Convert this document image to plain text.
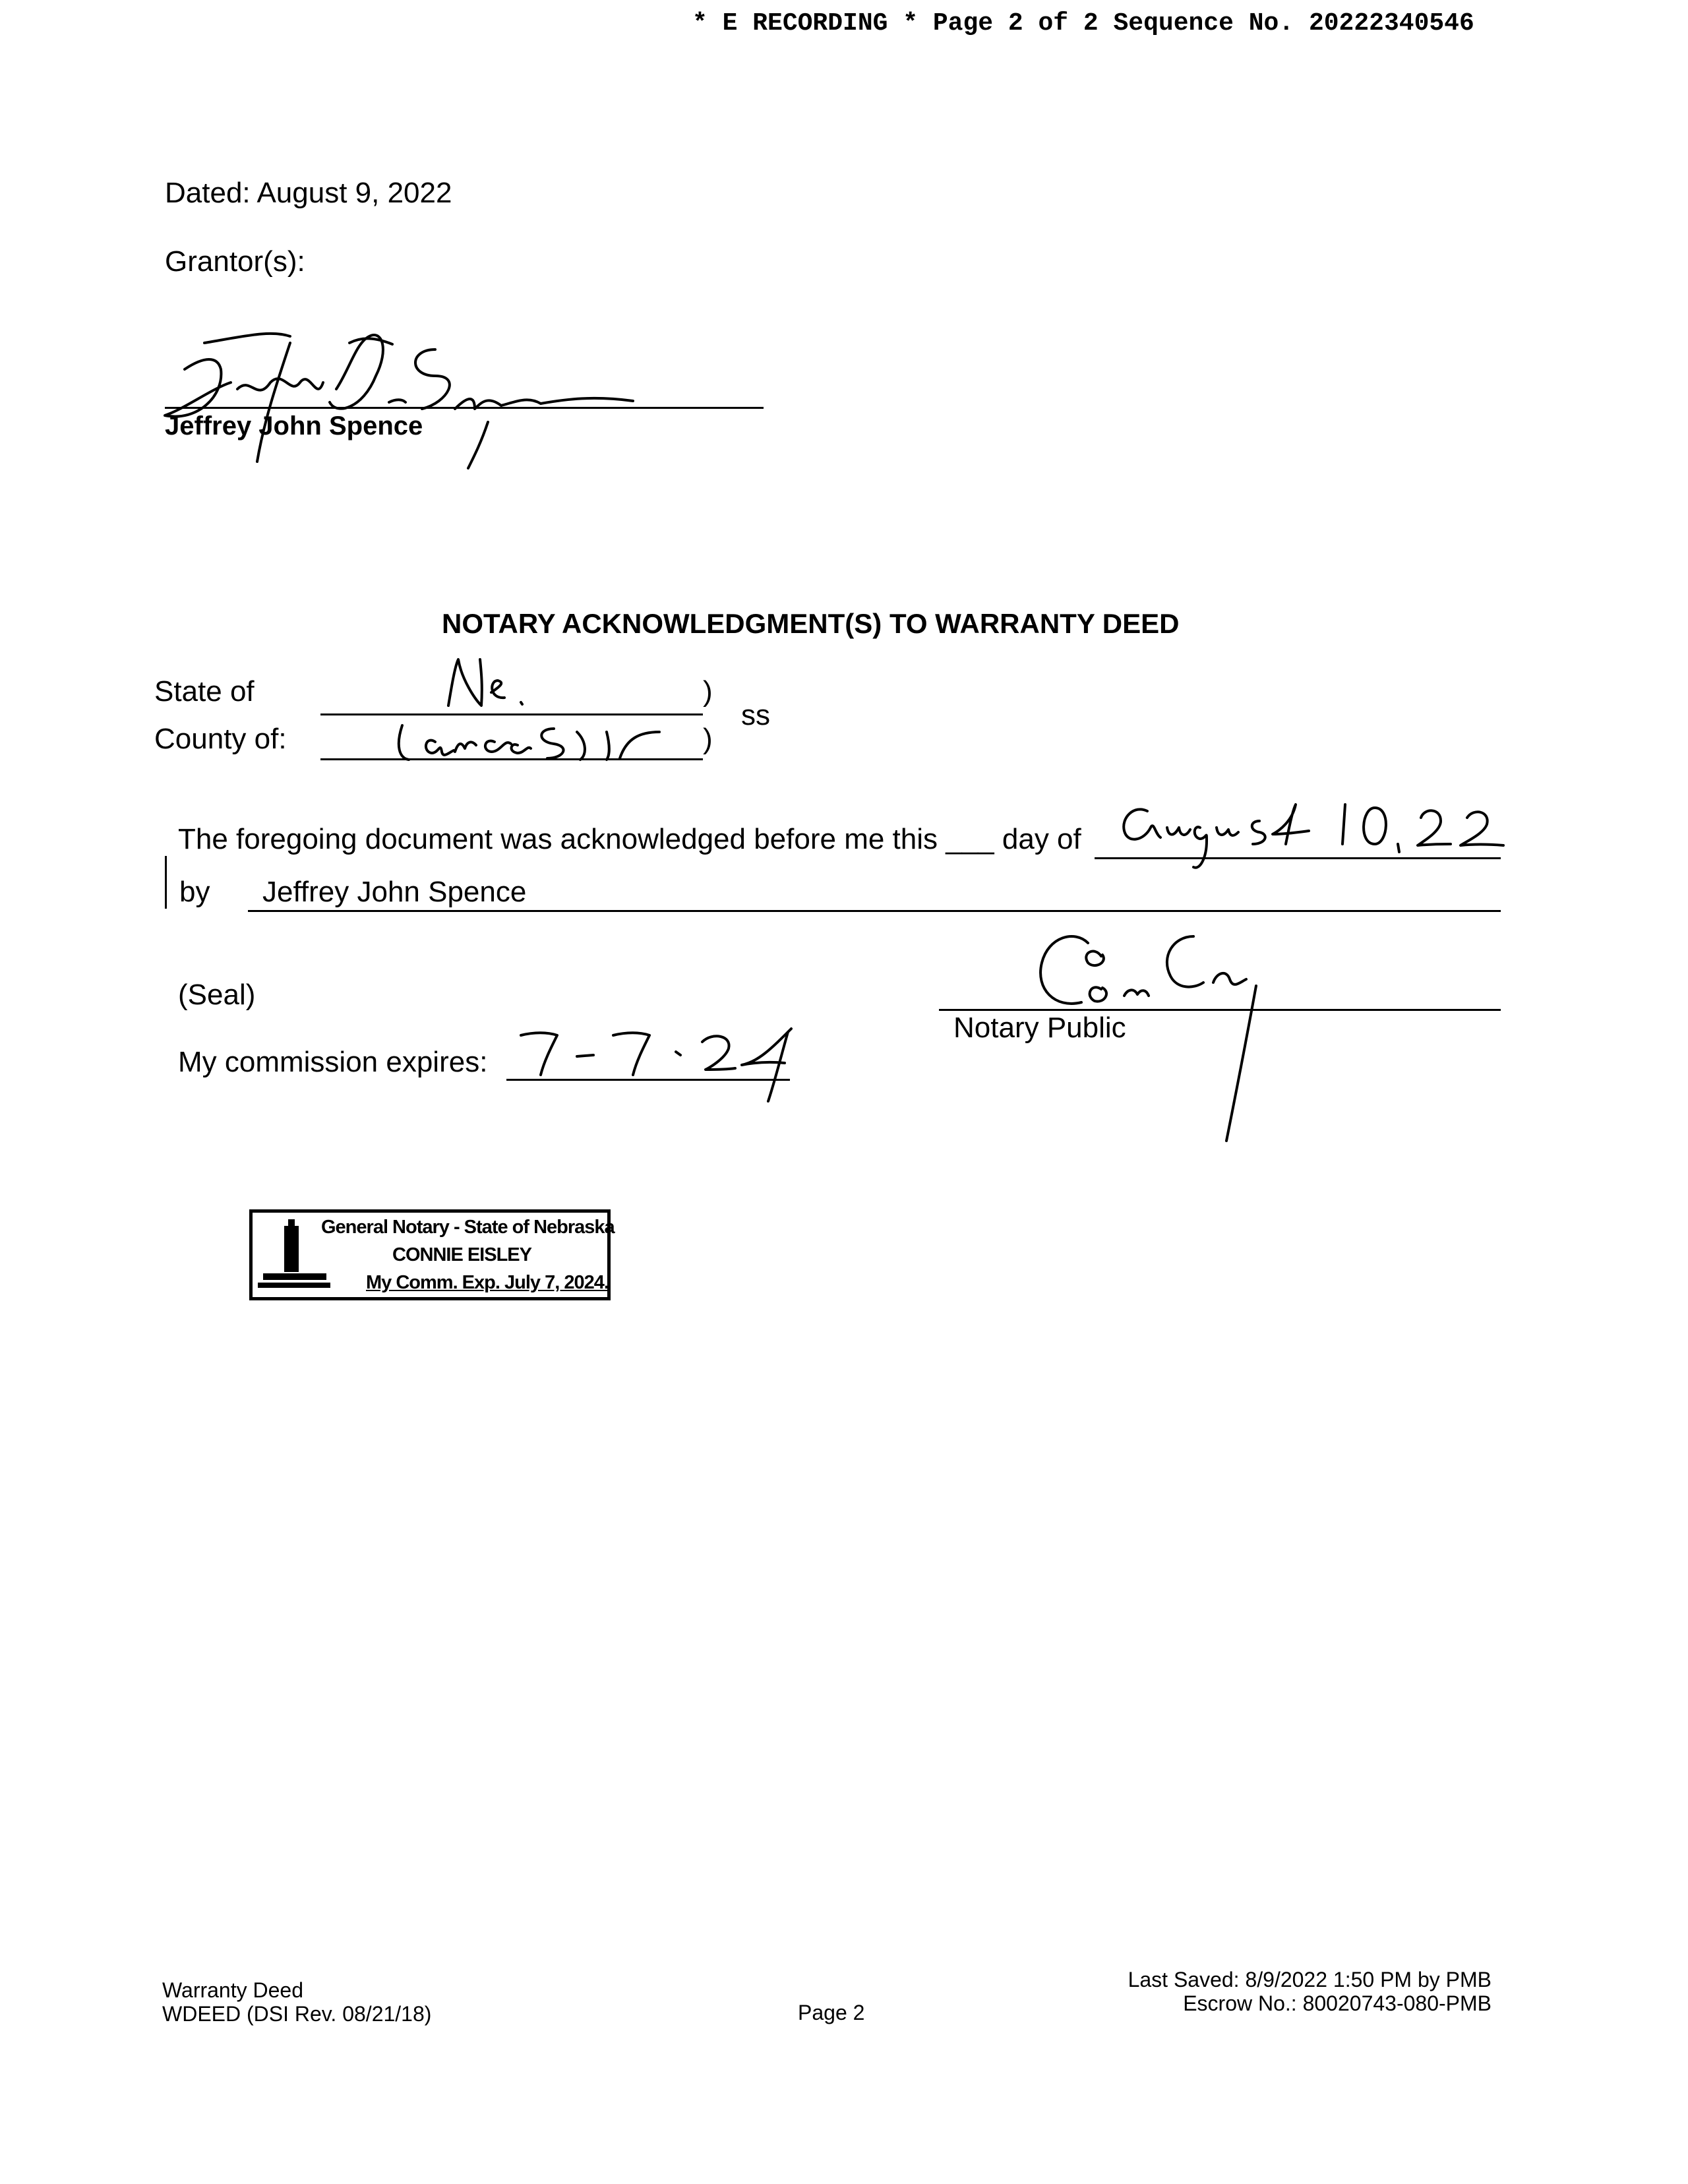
* E RECORDING * Page 2 of 2 Sequence No. 20222340546
Dated: August 9, 2022
Grantor(s):
Jeffrey John Spence
NOTARY ACKNOWLEDGMENT(S) TO WARRANTY DEED
State of	)
County of:	)
ss
The foregoing document was acknowledged before me this ___ day of
by Jeffrey John Spence
(Seal)
My commission expires:
Notary Public
General Notary - State of Nebraska
CONNIE EISLEY
My Comm. Exp. July 7, 2024.
Warranty Deed
WDEED (DSI Rev. 08/21/18)	Page 2
Last Saved: 8/9/2022 1:50 PM by PMB
Escrow No.: 80020743-080-PMB
